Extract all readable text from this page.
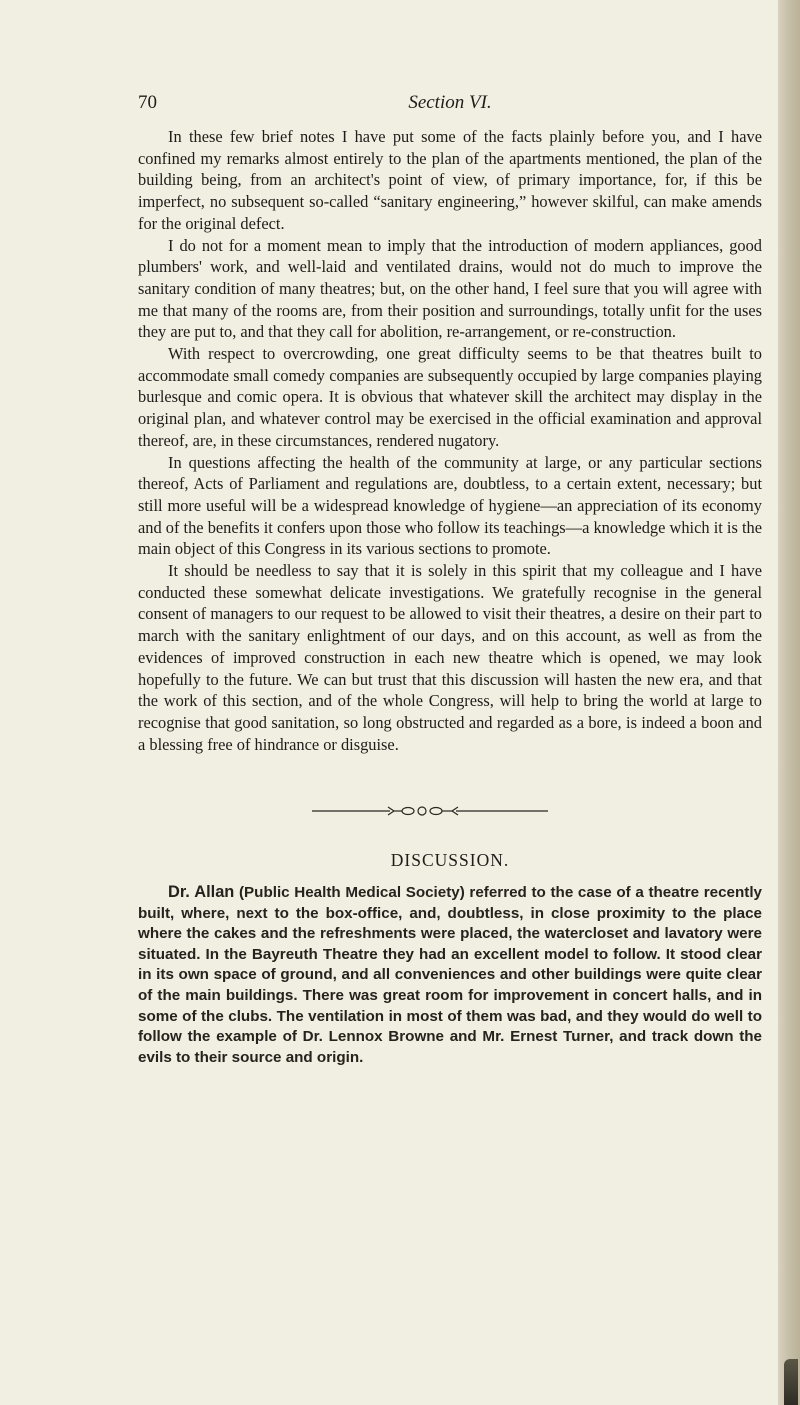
70	Section VI.

In these few brief notes I have put some of the facts plainly before you, and I have confined my remarks almost entirely to the plan of the apartments mentioned, the plan of the building being, from an architect's point of view, of primary importance, for, if this be imperfect, no subsequent so-called “sanitary engineering,” however skilful, can make amends for the original defect.

I do not for a moment mean to imply that the introduction of modern appliances, good plumbers' work, and well-laid and ventilated drains, would not do much to improve the sanitary condition of many theatres; but, on the other hand, I feel sure that you will agree with me that many of the rooms are, from their position and surroundings, totally unfit for the uses they are put to, and that they call for abolition, re-arrangement, or re-construction.

With respect to overcrowding, one great difficulty seems to be that theatres built to accommodate small comedy companies are subsequently occupied by large companies playing burlesque and comic opera. It is obvious that whatever skill the architect may display in the original plan, and whatever control may be exercised in the official examination and approval thereof, are, in these circumstances, rendered nugatory.

In questions affecting the health of the community at large, or any particular sections thereof, Acts of Parliament and regulations are, doubtless, to a certain extent, necessary; but still more useful will be a widespread knowledge of hygiene—an appreciation of its economy and of the benefits it confers upon those who follow its teachings—a knowledge which it is the main object of this Congress in its various sections to promote.

It should be needless to say that it is solely in this spirit that my colleague and I have conducted these somewhat delicate investigations. We gratefully recognise in the general consent of managers to our request to be allowed to visit their theatres, a desire on their part to march with the sanitary enlightment of our days, and on this account, as well as from the evidences of improved construction in each new theatre which is opened, we may look hopefully to the future. We can but trust that this discussion will hasten the new era, and that the work of this section, and of the whole Congress, will help to bring the world at large to recognise that good sanitation, so long obstructed and regarded as a bore, is indeed a boon and a blessing free of hindrance or disguise.

DISCUSSION.

Dr. Allan (Public Health Medical Society) referred to the case of a theatre recently built, where, next to the box-office, and, doubtless, in close proximity to the place where the cakes and the refreshments were placed, the watercloset and lavatory were situated. In the Bayreuth Theatre they had an excellent model to follow. It stood clear in its own space of ground, and all conveniences and other buildings were quite clear of the main buildings. There was great room for improvement in concert halls, and in some of the clubs. The ventilation in most of them was bad, and they would do well to follow the example of Dr. Lennox Browne and Mr. Ernest Turner, and track down the evils to their source and origin.
